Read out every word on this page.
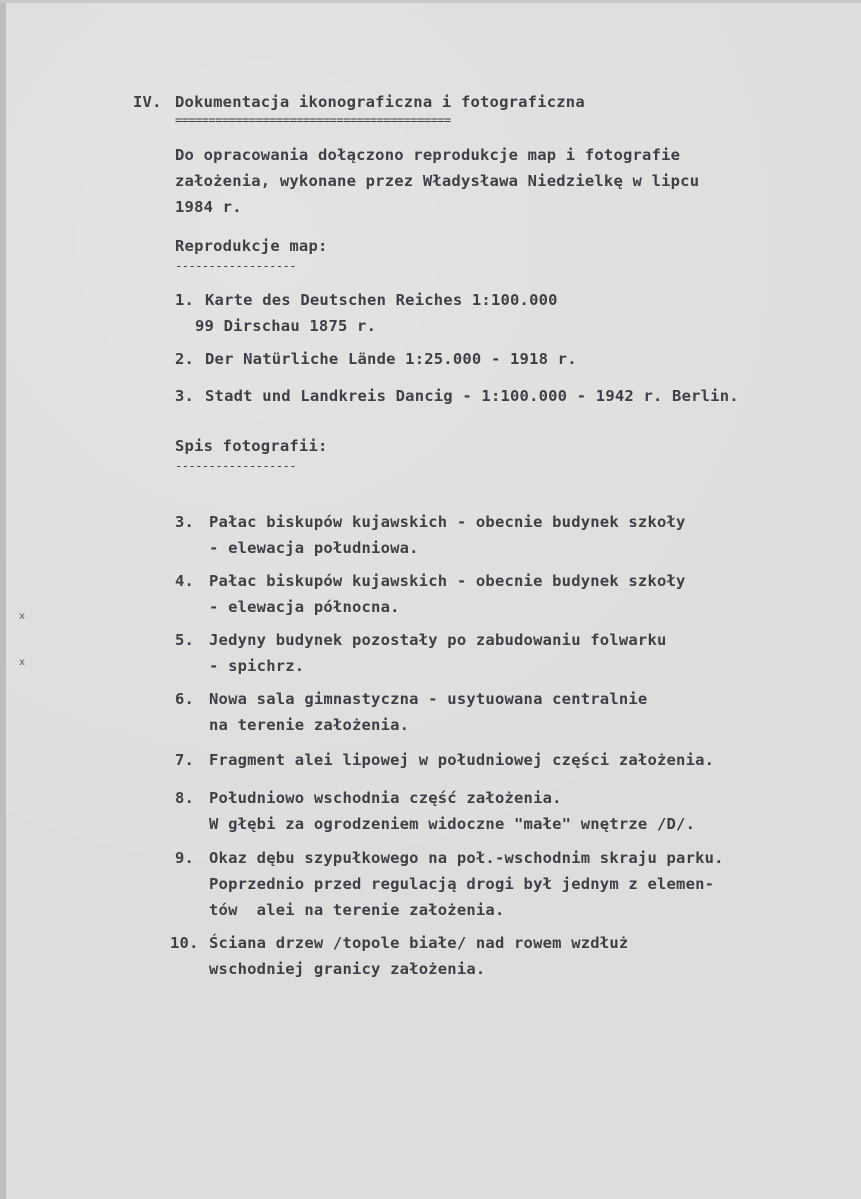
IV. Dokumentacja ikonograficzna i fotograficzna
=========================================
Do opracowania dołączono reprodukcje map i fotografie
założenia, wykonane przez Władysława Niedzielkę w lipcu
1984 r.
Reprodukcje map:
------------------
1. Karte des Deutschen Reiches 1:100.000
99 Dirschau 1875 r.
2. Der Natürliche Lände 1:25.000 - 1918 r.
3. Stadt und Landkreis Dancig - 1:100.000 - 1942 r. Berlin.
Spis fotografii:
------------------
3. Pałac biskupów kujawskich - obecnie budynek szkoły
- elewacja południowa.
4. Pałac biskupów kujawskich - obecnie budynek szkoły
- elewacja północna.
5. Jedyny budynek pozostały po zabudowaniu folwarku
- spichrz.
6. Nowa sala gimnastyczna - usytuowana centralnie
na terenie założenia.
7. Fragment alei lipowej w południowej części założenia.
8. Południowo wschodnia część założenia.
W głębi za ogrodzeniem widoczne "małe" wnętrze /D/.
9. Okaz dębu szypułkowego na poł.-wschodnim skraju parku.
Poprzednio przed regulacją drogi był jednym z elemen-
tów  alei na terenie założenia.
10. Ściana drzew /topole białe/ nad rowem wzdłuż
wschodniej granicy założenia.
x
x
